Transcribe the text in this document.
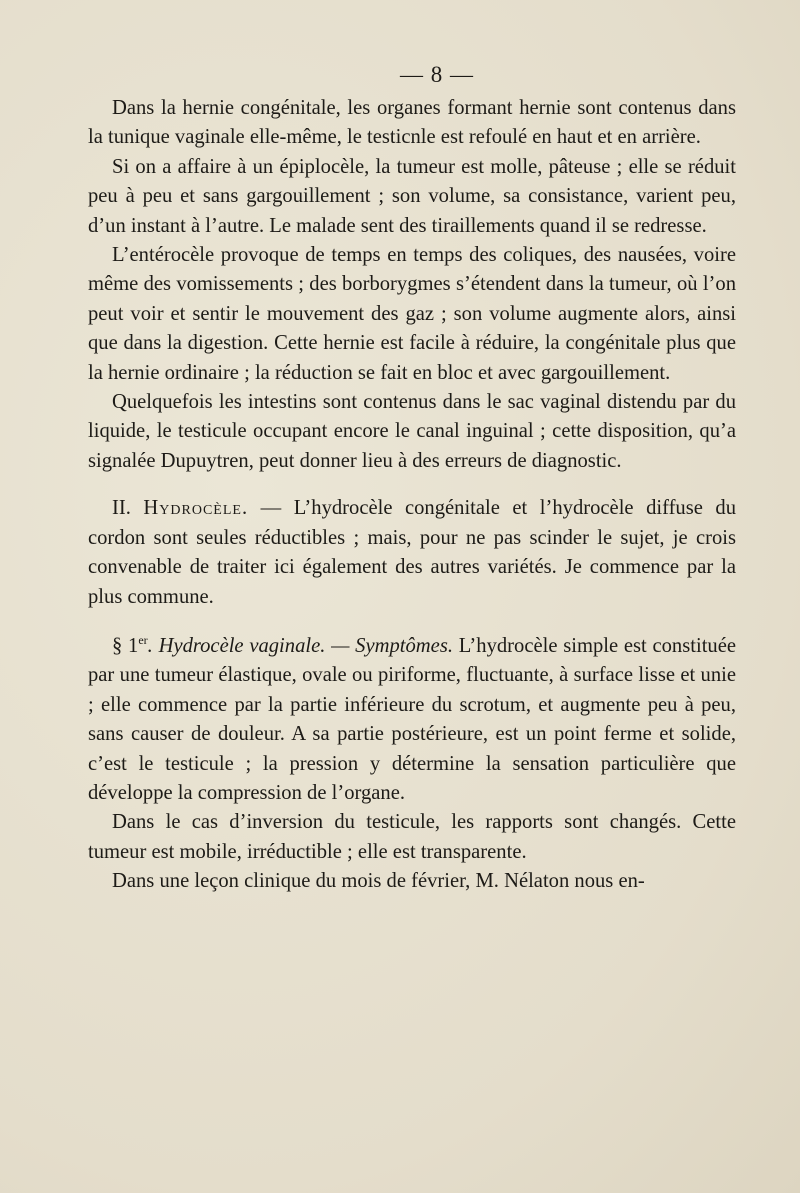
— 8 —

Dans la hernie congénitale, les organes formant hernie sont contenus dans la tunique vaginale elle-même, le testicnle est refoulé en haut et en arrière.

Si on a affaire à un épiplocèle, la tumeur est molle, pâteuse ; elle se réduit peu à peu et sans gargouillement ; son volume, sa consistance, varient peu, d’un instant à l’autre. Le malade sent des tiraillements quand il se redresse.

L’entérocèle provoque de temps en temps des coliques, des nausées, voire même des vomissements ; des borborygmes s’étendent dans la tumeur, où l’on peut voir et sentir le mouvement des gaz ; son volume augmente alors, ainsi que dans la digestion. Cette hernie est facile à réduire, la congénitale plus que la hernie ordinaire ; la réduction se fait en bloc et avec gargouillement.

Quelquefois les intestins sont contenus dans le sac vaginal distendu par du liquide, le testicule occupant encore le canal inguinal ; cette disposition, qu’a signalée Dupuytren, peut donner lieu à des erreurs de diagnostic.

II. Hydrocèle. — L’hydrocèle congénitale et l’hydrocèle diffuse du cordon sont seules réductibles ; mais, pour ne pas scinder le sujet, je crois convenable de traiter ici également des autres variétés. Je commence par la plus commune.

§ 1er. Hydrocèle vaginale. — Symptômes. L’hydrocèle simple est constituée par une tumeur élastique, ovale ou piriforme, fluctuante, à surface lisse et unie ; elle commence par la partie inférieure du scrotum, et augmente peu à peu, sans causer de douleur. A sa partie postérieure, est un point ferme et solide, c’est le testicule ; la pression y détermine la sensation particulière que développe la compression de l’organe.

Dans le cas d’inversion du testicule, les rapports sont changés. Cette tumeur est mobile, irréductible ; elle est transparente.

Dans une leçon clinique du mois de février, M. Nélaton nous en-
